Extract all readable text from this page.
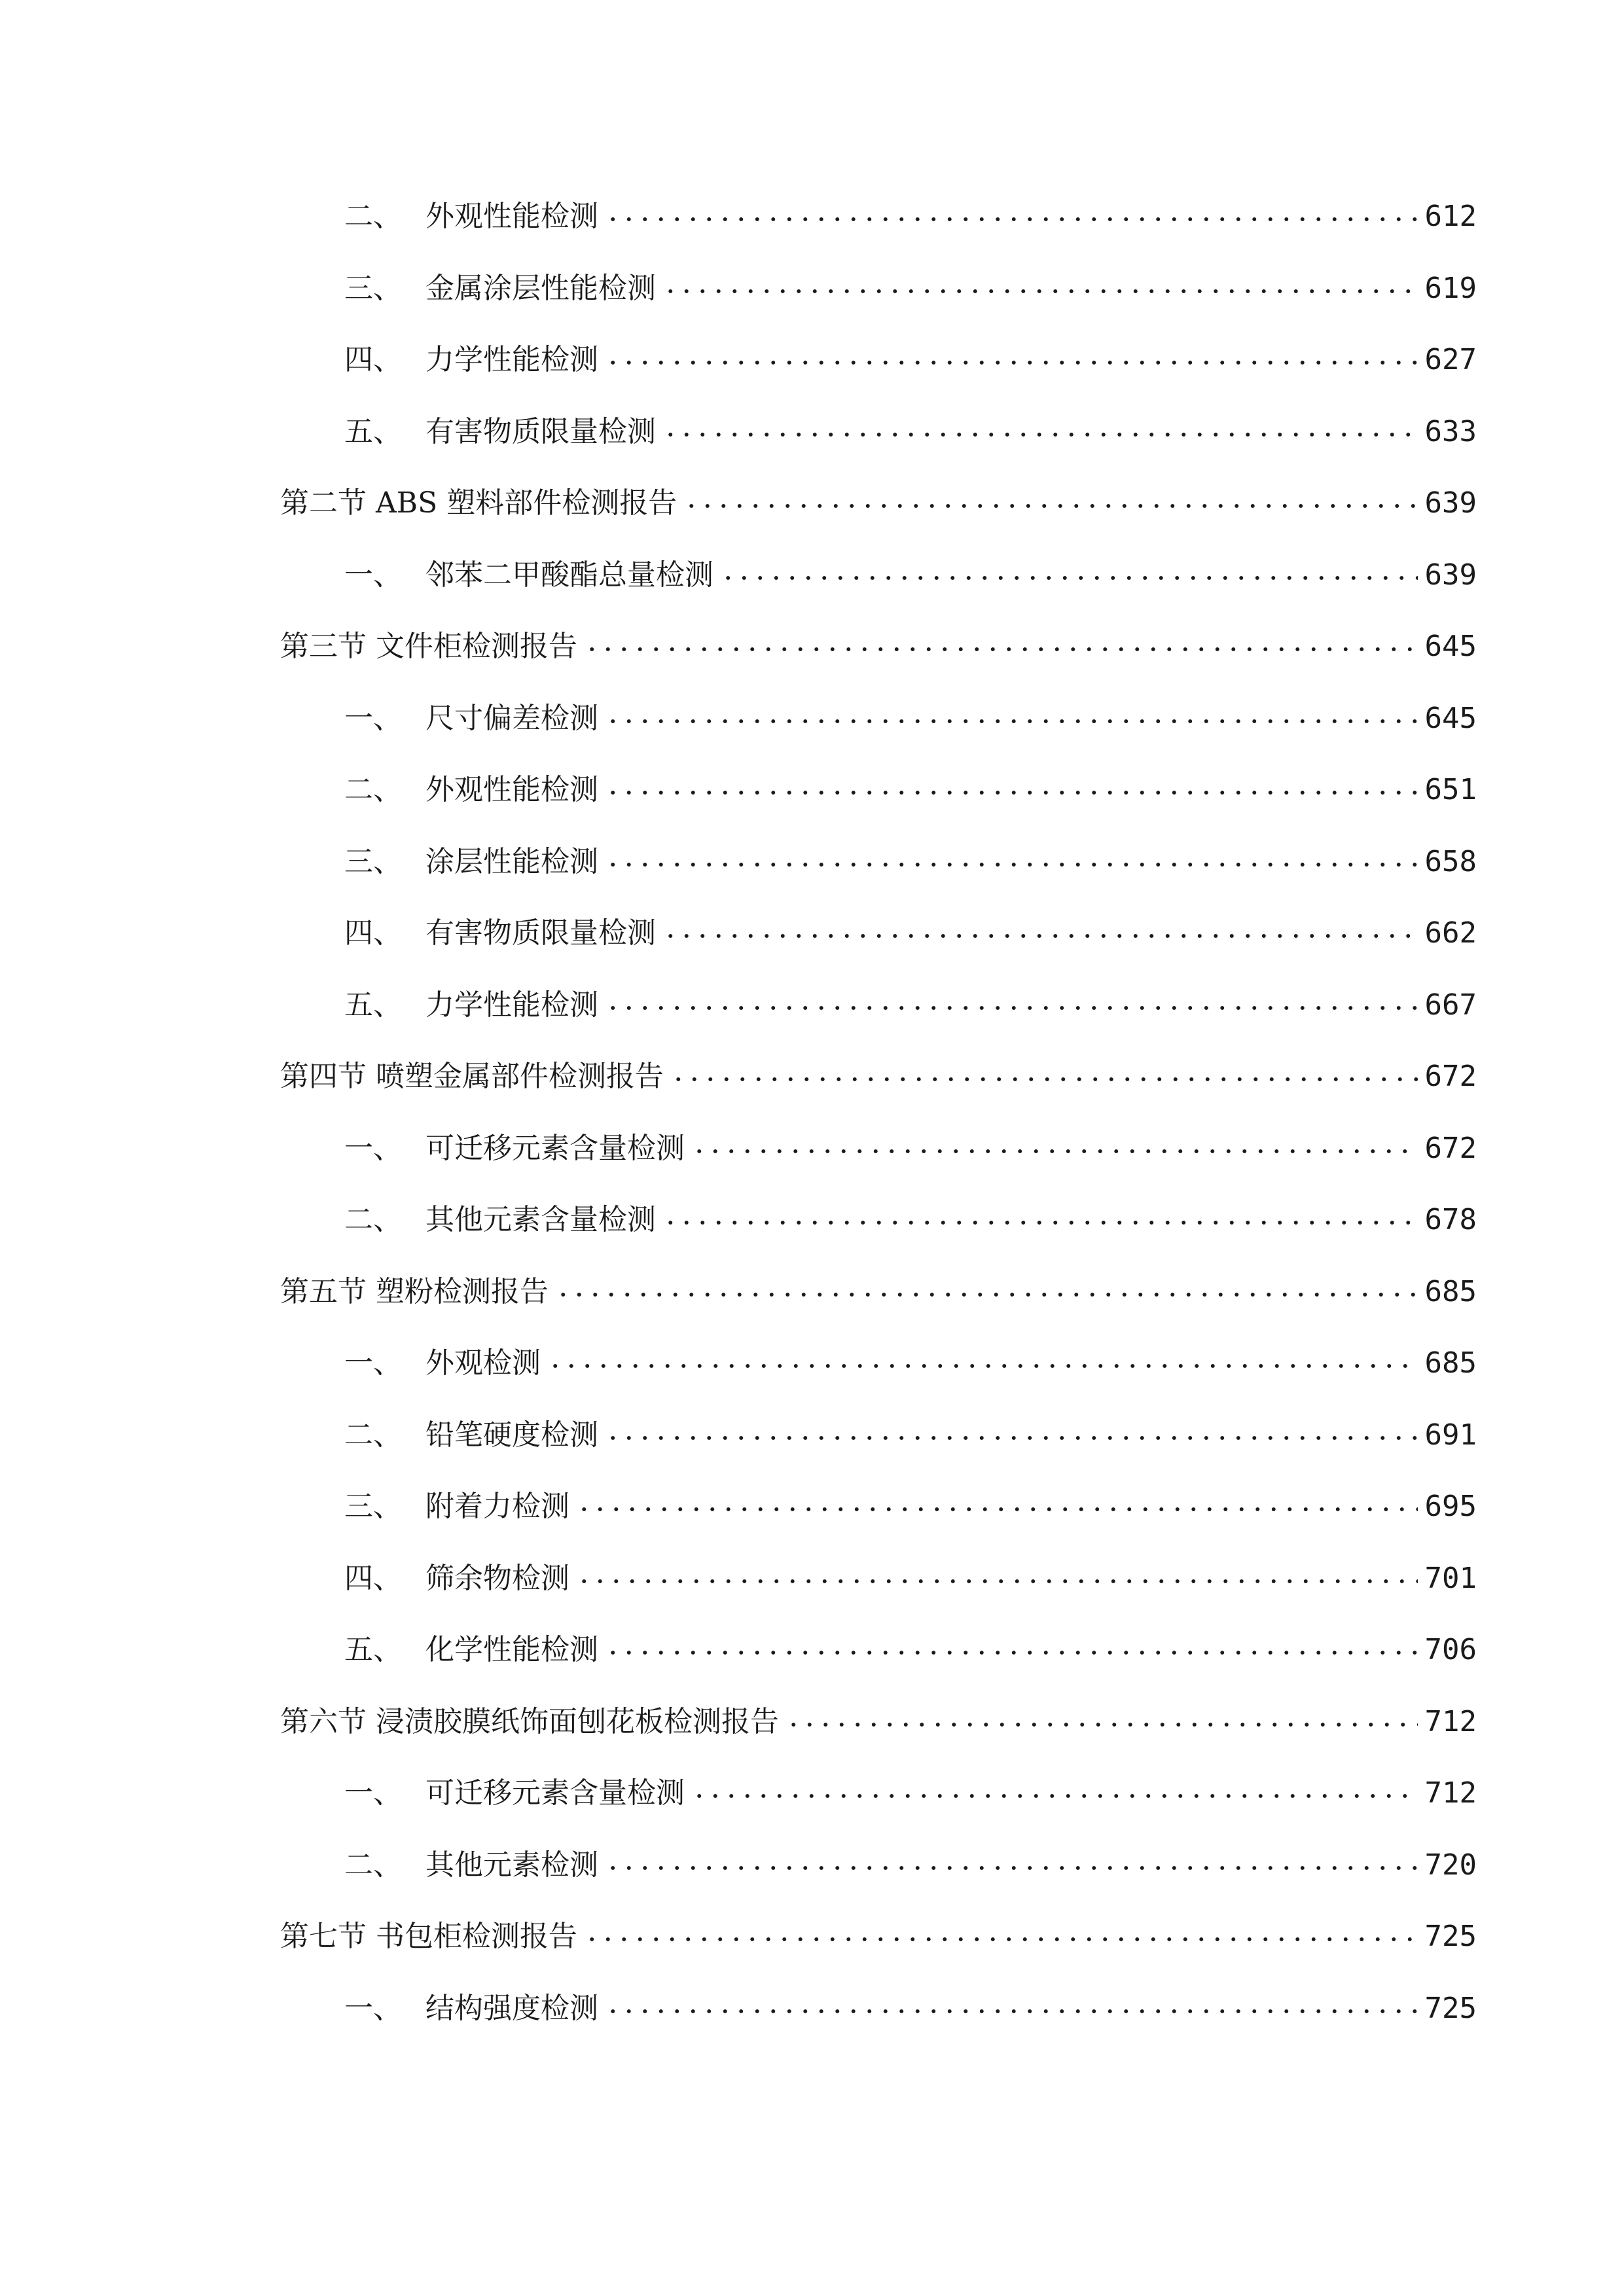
二、 外观性能检测	612
三、 金属涂层性能检测	619
四、 力学性能检测	627
五、 有害物质限量检测	633
第二节 ABS 塑料部件检测报告	639
一、 邻苯二甲酸酯总量检测	639
第三节 文件柜检测报告	645
一、 尺寸偏差检测	645
二、 外观性能检测	651
三、 涂层性能检测	658
四、 有害物质限量检测	662
五、 力学性能检测	667
第四节 喷塑金属部件检测报告	672
一、 可迁移元素含量检测	672
二、 其他元素含量检测	678
第五节 塑粉检测报告	685
一、 外观检测	685
二、 铅笔硬度检测	691
三、 附着力检测	695
四、 筛余物检测	701
五、 化学性能检测	706
第六节 浸渍胶膜纸饰面刨花板检测报告	712
一、 可迁移元素含量检测	712
二、 其他元素检测	720
第七节 书包柜检测报告	725
一、 结构强度检测	725
